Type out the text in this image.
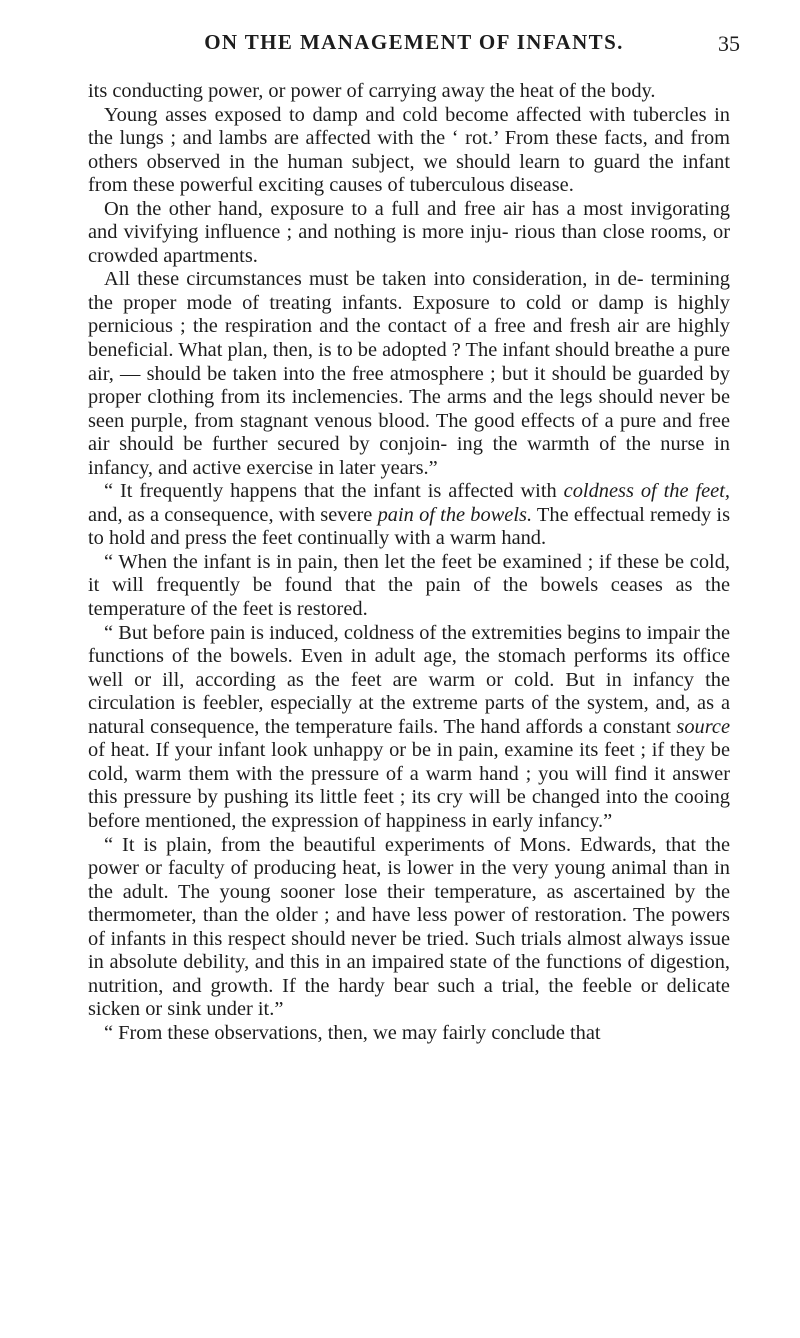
ON THE MANAGEMENT OF INFANTS.	35

its conducting power, or power of carrying away the heat of the body.

Young asses exposed to damp and cold become affected with tubercles in the lungs ; and lambs are affected with the ‘ rot.’ From these facts, and from others observed in the human subject, we should learn to guard the infant from these powerful exciting causes of tuberculous disease.

On the other hand, exposure to a full and free air has a most invigorating and vivifying influence ; and nothing is more inju- rious than close rooms, or crowded apartments.

All these circumstances must be taken into consideration, in de- termining the proper mode of treating infants. Exposure to cold or damp is highly pernicious ; the respiration and the contact of a free and fresh air are highly beneficial. What plan, then, is to be adopted ? The infant should breathe a pure air, — should be taken into the free atmosphere ; but it should be guarded by proper clothing from its inclemencies. The arms and the legs should never be seen purple, from stagnant venous blood. The good effects of a pure and free air should be further secured by conjoin- ing the warmth of the nurse in infancy, and active exercise in later years.”

“ It frequently happens that the infant is affected with coldness of the feet, and, as a consequence, with severe pain of the bowels. The effectual remedy is to hold and press the feet continually with a warm hand.

“ When the infant is in pain, then let the feet be examined ; if these be cold, it will frequently be found that the pain of the bowels ceases as the temperature of the feet is restored.

“ But before pain is induced, coldness of the extremities begins to impair the functions of the bowels. Even in adult age, the stomach performs its office well or ill, according as the feet are warm or cold. But in infancy the circulation is feebler, especially at the extreme parts of the system, and, as a natural consequence, the temperature fails. The hand affords a constant source of heat. If your infant look unhappy or be in pain, examine its feet ; if they be cold, warm them with the pressure of a warm hand ; you will find it answer this pressure by pushing its little feet ; its cry will be changed into the cooing before mentioned, the expression of happiness in early infancy.”

“ It is plain, from the beautiful experiments of Mons. Edwards, that the power or faculty of producing heat, is lower in the very young animal than in the adult. The young sooner lose their temperature, as ascertained by the thermometer, than the older ; and have less power of restoration. The powers of infants in this respect should never be tried. Such trials almost always issue in absolute debility, and this in an impaired state of the functions of digestion, nutrition, and growth. If the hardy bear such a trial, the feeble or delicate sicken or sink under it.”

“ From these observations, then, we may fairly conclude that
